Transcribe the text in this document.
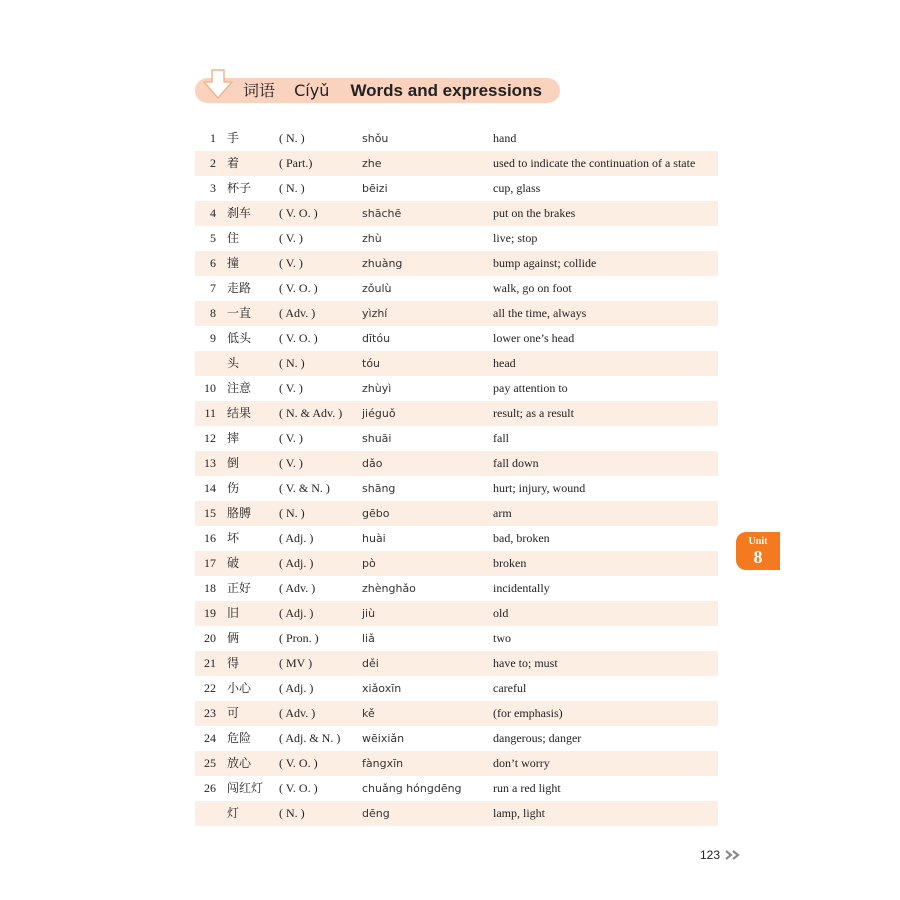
词语 Cíyǔ Words and expressions
1 手	( N. )	shǒu	hand
2 着	( Part.)	zhe	used to indicate the continuation of a state
3 杯子 ( N. )	bēizi	cup, glass
4 刹车 ( V. O. )	shāchē	put on the brakes
5 住	( V. )	zhù	live; stop
6 撞	( V. )	zhuàng	bump against; collide
7 走路 ( V. O. )	zǒulù	walk, go on foot
8 一直 ( Adv. )	yìzhí	all the time, always
9 低头 ( V. O. )	dītóu	lower one’s head
头	( N. )	tóu	head
10 注意 ( V. )	zhùyì	pay attention to
11 结果 ( N. & Adv. ) jiéguǒ	result; as a result
12 摔	( V. )	shuāi	fall
13 倒	( V. )	dǎo	fall down
14 伤	( V. & N. )	shāng	hurt; injury, wound
15 胳膊 ( N. )	gēbo	arm
16 坏	( Adj. )	huài	bad, broken
17 破	( Adj. )	pò	broken
18 正好 ( Adv. )	zhènghǎo	incidentally
19 旧	( Adj. )	jiù	old
20 俩	( Pron. )	liǎ	two
21 得	( MV )	děi	have to; must
22 小心 ( Adj. )	xiǎoxīn	careful
23 可	( Adv. )	kě	(for emphasis)
24 危险 ( Adj. & N. ) wēixiǎn	dangerous; danger
25 放心 ( V. O. )	fàngxīn	don’t worry
26 闯红灯 ( V. O. )	chuǎng hóngdēng	run a red light
灯	( N. )	dēng	lamp, light
Unit
8
123
